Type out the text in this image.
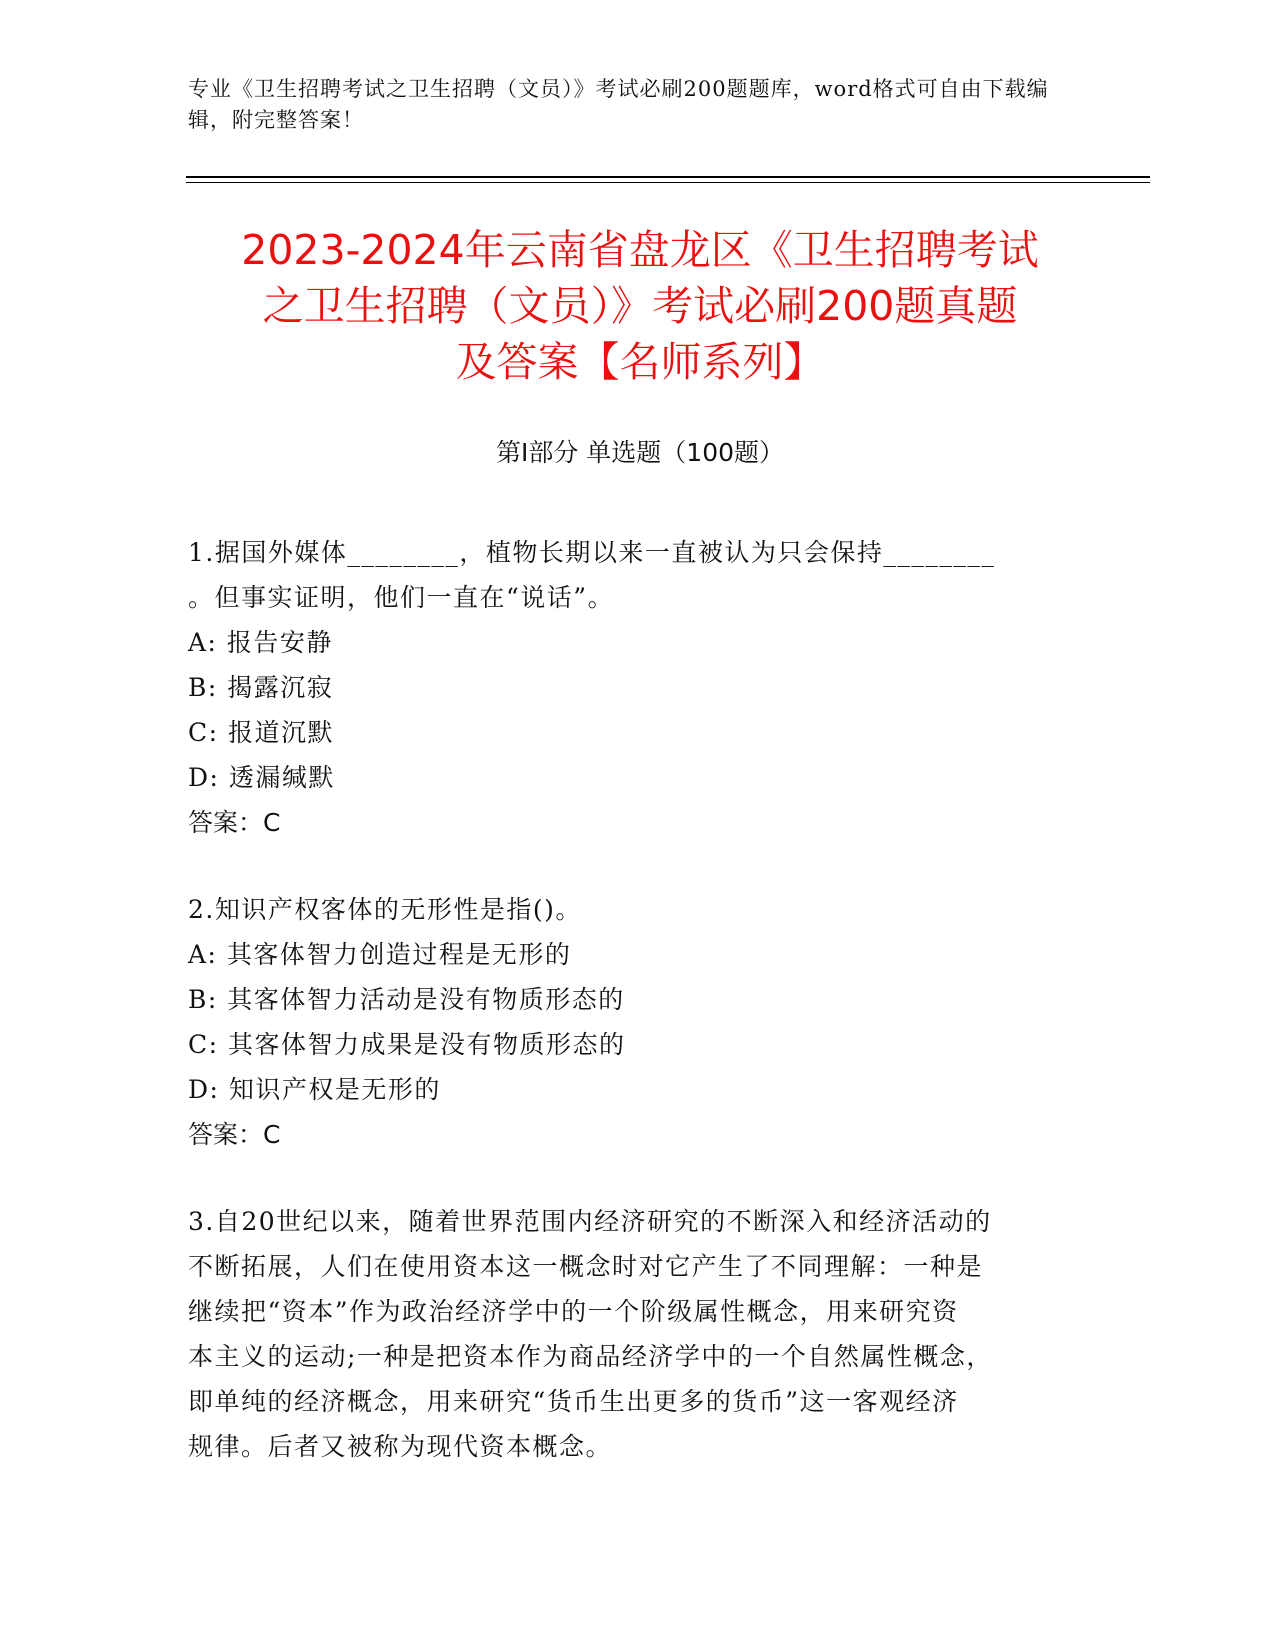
专业《卫生招聘考试之卫生招聘（文员）》考试必刷200题题库，word格式可自由下载编辑，附完整答案！
2023-2024年云南省盘龙区《卫生招聘考试
之卫生招聘（文员）》考试必刷200题真题
及答案【名师系列】
第Ⅰ部分 单选题（100题）

1.据国外媒体________，植物长期以来一直被认为只会保持________

。但事实证明，他们一直在“说话”。

A: 报告安静

B: 揭露沉寂

C: 报道沉默

D: 透漏缄默

答案：C

2.知识产权客体的无形性是指()。

A: 其客体智力创造过程是无形的

B: 其客体智力活动是没有物质形态的

C: 其客体智力成果是没有物质形态的

D: 知识产权是无形的

答案：C

3.自20世纪以来，随着世界范围内经济研究的不断深入和经济活动的

不断拓展，人们在使用资本这一概念时对它产生了不同理解：一种是

继续把“资本”作为政治经济学中的一个阶级属性概念，用来研究资

本主义的运动;一种是把资本作为商品经济学中的一个自然属性概念，

即单纯的经济概念，用来研究“货币生出更多的货币”这一客观经济

规律。后者又被称为现代资本概念。
